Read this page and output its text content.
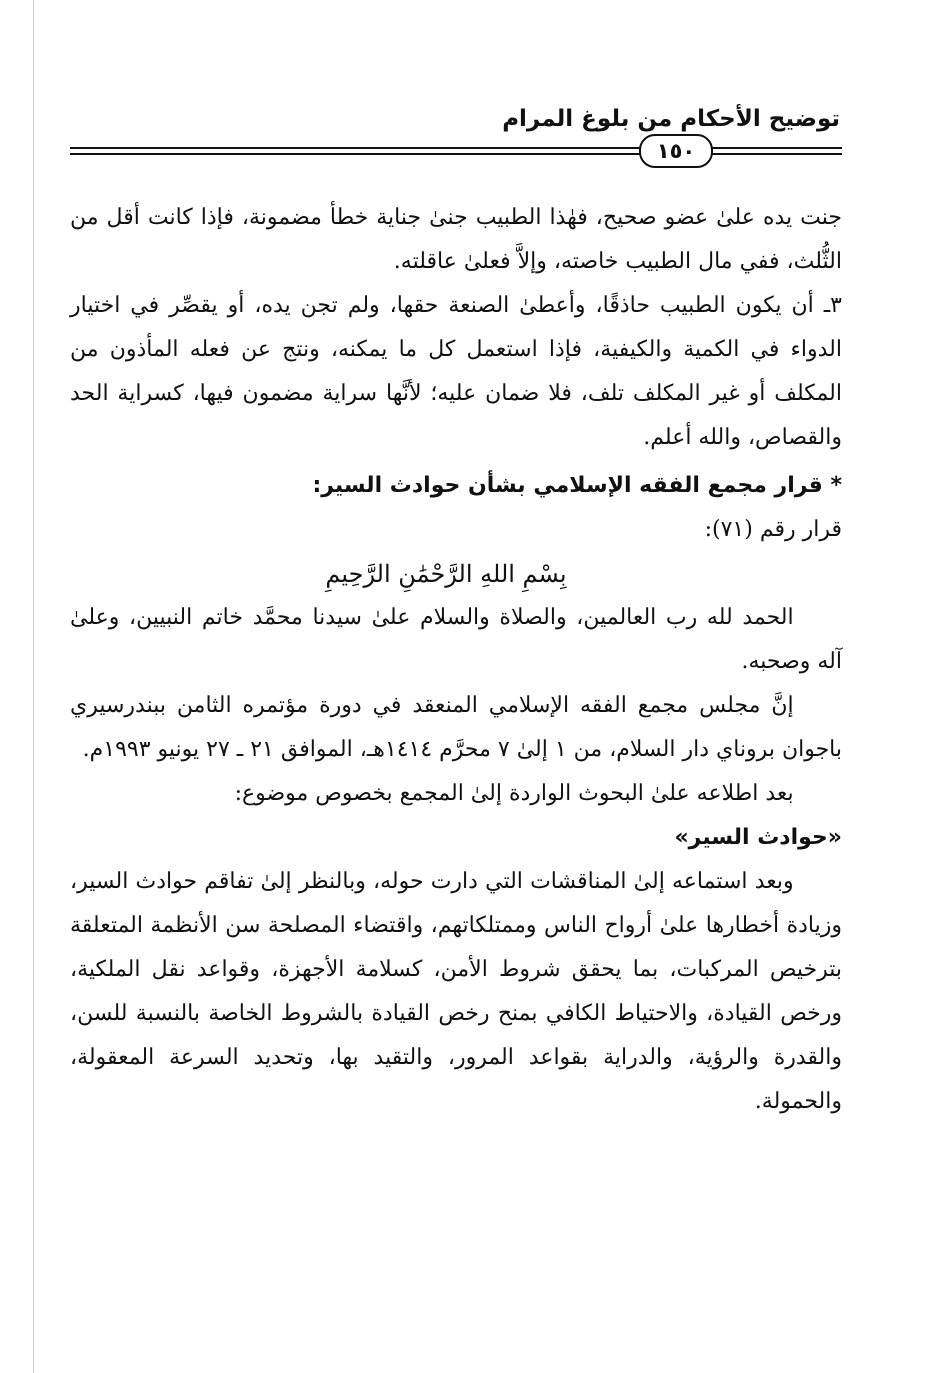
توضيح الأحكام من بلوغ المرام
١٥٠

جنت يده علىٰ عضو صحيح، فهٰذا الطبيب جنىٰ جناية خطأ مضمونة، فإذا كانت أقل من الثُّلث، ففي مال الطبيب خاصته، وإلاَّ فعلىٰ عاقلته.

٣ـ أن يكون الطبيب حاذقًا، وأعطىٰ الصنعة حقها، ولم تجن يده، أو يقصِّر في اختيار الدواء في الكمية والكيفية، فإذا استعمل كل ما يمكنه، ونتج عن فعله المأذون من المكلف أو غير المكلف تلف، فلا ضمان عليه؛ لأنَّها سراية مضمون فيها، كسراية الحد والقصاص، والله أعلم.

* قرار مجمع الفقه الإسلامي بشأن حوادث السير:

قرار رقم (٧١):

بِسْمِ اللهِ الرَّحْمَٰنِ الرَّحِيمِ

الحمد لله رب العالمين، والصلاة والسلام علىٰ سيدنا محمَّد خاتم النبيين، وعلىٰ آله وصحبه.

إنَّ مجلس مجمع الفقه الإسلامي المنعقد في دورة مؤتمره الثامن ببندرسيري باجوان بروناي دار السلام، من ١ إلىٰ ٧ محرَّم ١٤١٤هـ، الموافق ٢١ ـ ٢٧ يونيو ١٩٩٣م.

بعد اطلاعه علىٰ البحوث الواردة إلىٰ المجمع بخصوص موضوع:

«حوادث السير»

وبعد استماعه إلىٰ المناقشات التي دارت حوله، وبالنظر إلىٰ تفاقم حوادث السير، وزيادة أخطارها علىٰ أرواح الناس وممتلكاتهم، واقتضاء المصلحة سن الأنظمة المتعلقة بترخيص المركبات، بما يحقق شروط الأمن، كسلامة الأجهزة، وقواعد نقل الملكية، ورخص القيادة، والاحتياط الكافي بمنح رخص القيادة بالشروط الخاصة بالنسبة للسن، والقدرة والرؤية، والدراية بقواعد المرور، والتقيد بها، وتحديد السرعة المعقولة، والحمولة.
